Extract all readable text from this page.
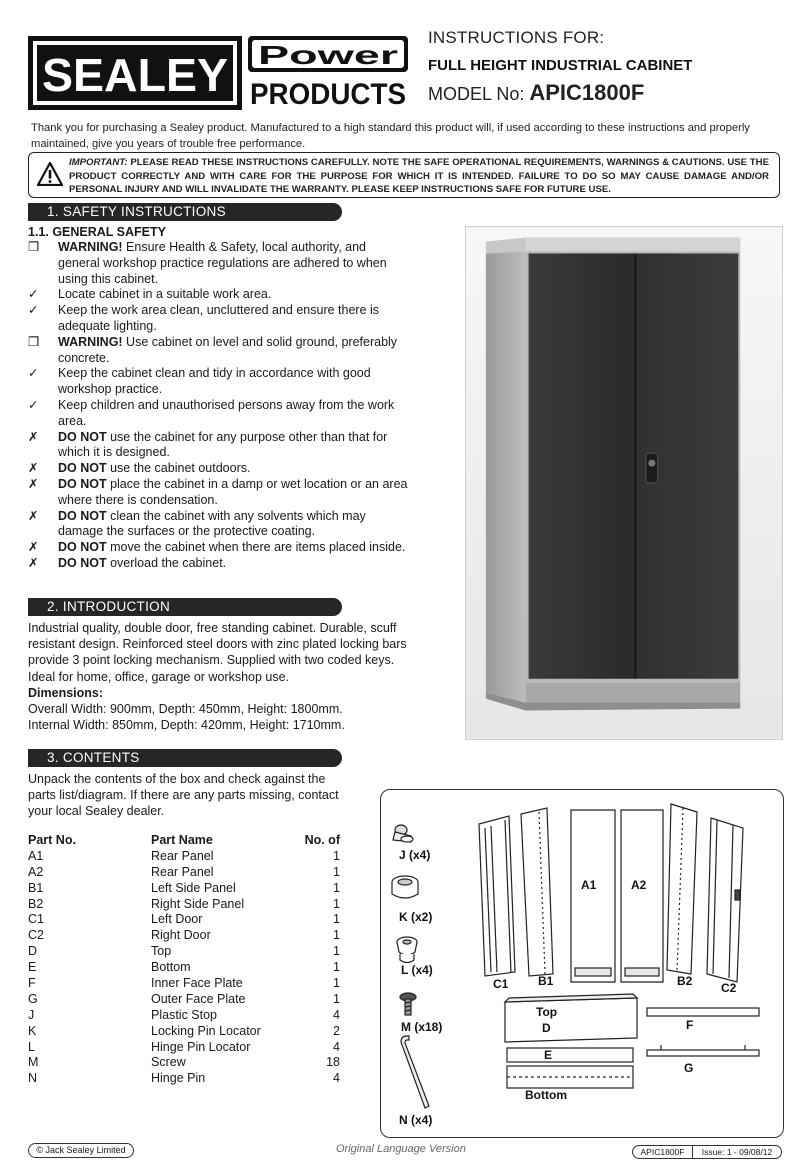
SEALEY Power
PRODUCTS
INSTRUCTIONS FOR:
FULL HEIGHT INDUSTRIAL CABINET
MODEL No: APIC1800F
Thank you for purchasing a Sealey product. Manufactured to a high standard this product will, if used according to these instructions and properly maintained, give you years of trouble free performance.
IMPORTANT: PLEASE READ THESE INSTRUCTIONS CAREFULLY. NOTE THE SAFE OPERATIONAL REQUIREMENTS, WARNINGS & CAUTIONS. USE THE PRODUCT CORRECTLY AND WITH CARE FOR THE PURPOSE FOR WHICH IT IS INTENDED. FAILURE TO DO SO MAY CAUSE DAMAGE AND/OR PERSONAL INJURY AND WILL INVALIDATE THE WARRANTY. PLEASE KEEP INSTRUCTIONS SAFE FOR FUTURE USE.
1. SAFETY INSTRUCTIONS
1.1. GENERAL SAFETY
❒	WARNING! Ensure Health & Safety, local authority, and general workshop practice regulations are adhered to when using this cabinet.
✓	Locate cabinet in a suitable work area.
✓	Keep the work area clean, uncluttered and ensure there is adequate lighting.
❒	WARNING! Use cabinet on level and solid ground, preferably concrete.
✓	Keep the cabinet clean and tidy in accordance with good workshop practice.
✓	Keep children and unauthorised persons away from the work area.
✗	DO NOT use the cabinet for any purpose other than that for which it is designed.
✗	DO NOT use the cabinet outdoors.
✗	DO NOT place the cabinet in a damp or wet location or an area where there is condensation.
✗	DO NOT clean the cabinet with any solvents which may damage the surfaces or the protective coating.
✗	DO NOT move the cabinet when there are items placed inside.
✗	DO NOT overload the cabinet.
2. INTRODUCTION
Industrial quality, double door, free standing cabinet. Durable, scuff resistant design. Reinforced steel doors with zinc plated locking bars provide 3 point locking mechanism. Supplied with two coded keys. Ideal for home, office, garage or workshop use.
Dimensions:
Overall Width: 900mm, Depth: 450mm, Height: 1800mm.
Internal Width: 850mm, Depth: 420mm, Height: 1710mm.
3. CONTENTS
Unpack the contents of the box and check against the parts list/diagram. If there are any parts missing, contact your local Sealey dealer.
Part No.	Part Name	No. of
A1	Rear Panel	1
A2	Rear Panel	1
B1	Left Side Panel	1
B2	Right Side Panel	1
C1	Left Door	1
C2	Right Door	1
D	Top	1
E	Bottom	1
F	Inner Face Plate	1
G	Outer Face Plate	1
J	Plastic Stop	4
K	Locking Pin Locator	2
L	Hinge Pin Locator	4
M	Screw	18
N	Hinge Pin	4
J (x4)
K (x2)
L (x4)
M (x18)
N (x4)
A1	A2
B1	B2
C1	C2
Top
D
E
Bottom
F
G
© Jack Sealey Limited	Original Language Version	APIC1800F	Issue: 1 - 09/08/12
